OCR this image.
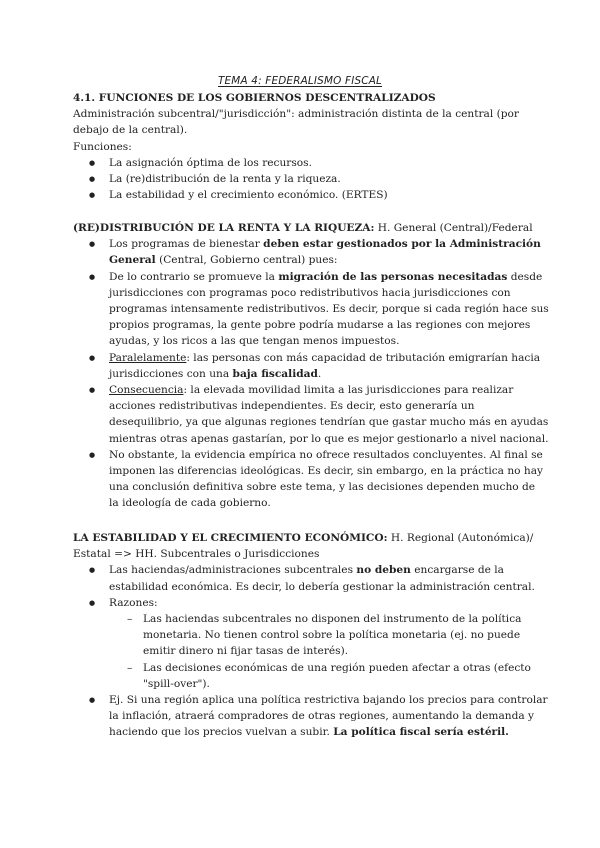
TEMA 4: FEDERALISMO FISCAL
4.1. FUNCIONES DE LOS GOBIERNOS DESCENTRALIZADOS
Administración subcentral/"jurisdicción": administración distinta de la central (por
debajo de la central).
Funciones:
● La asignación óptima de los recursos.
● La (re)distribución de la renta y la riqueza.
● La estabilidad y el crecimiento económico. (ERTES)
(RE)DISTRIBUCIÓN DE LA RENTA Y LA RIQUEZA: H. General (Central)/Federal
● Los programas de bienestar deben estar gestionados por la Administración
General (Central, Gobierno central) pues:
● De lo contrario se promueve la migración de las personas necesitadas desde
jurisdicciones con programas poco redistributivos hacia jurisdicciones con
programas intensamente redistributivos. Es decir, porque si cada región hace sus
propios programas, la gente pobre podría mudarse a las regiones con mejores
ayudas, y los ricos a las que tengan menos impuestos.
● Paralelamente: las personas con más capacidad de tributación emigrarían hacia
jurisdicciones con una baja fiscalidad.
● Consecuencia: la elevada movilidad limita a las jurisdicciones para realizar
acciones redistributivas independientes. Es decir, esto generaría un
desequilibrio, ya que algunas regiones tendrían que gastar mucho más en ayudas
mientras otras apenas gastarían, por lo que es mejor gestionarlo a nivel nacional.
● No obstante, la evidencia empírica no ofrece resultados concluyentes. Al final se
imponen las diferencias ideológicas. Es decir, sin embargo, en la práctica no hay
una conclusión definitiva sobre este tema, y las decisiones dependen mucho de
la ideología de cada gobierno.
LA ESTABILIDAD Y EL CRECIMIENTO ECONÓMICO: H. Regional (Autonómica)/
Estatal => HH. Subcentrales o Jurisdicciones
● Las haciendas/administraciones subcentrales no deben encargarse de la
estabilidad económica. Es decir, lo debería gestionar la administración central.
● Razones:
– Las haciendas subcentrales no disponen del instrumento de la política
monetaria. No tienen control sobre la política monetaria (ej. no puede
emitir dinero ni fijar tasas de interés).
– Las decisiones económicas de una región pueden afectar a otras (efecto
"spill-over").
● Ej. Si una región aplica una política restrictiva bajando los precios para controlar
la inflación, atraerá compradores de otras regiones, aumentando la demanda y
haciendo que los precios vuelvan a subir. La política fiscal sería estéril.
